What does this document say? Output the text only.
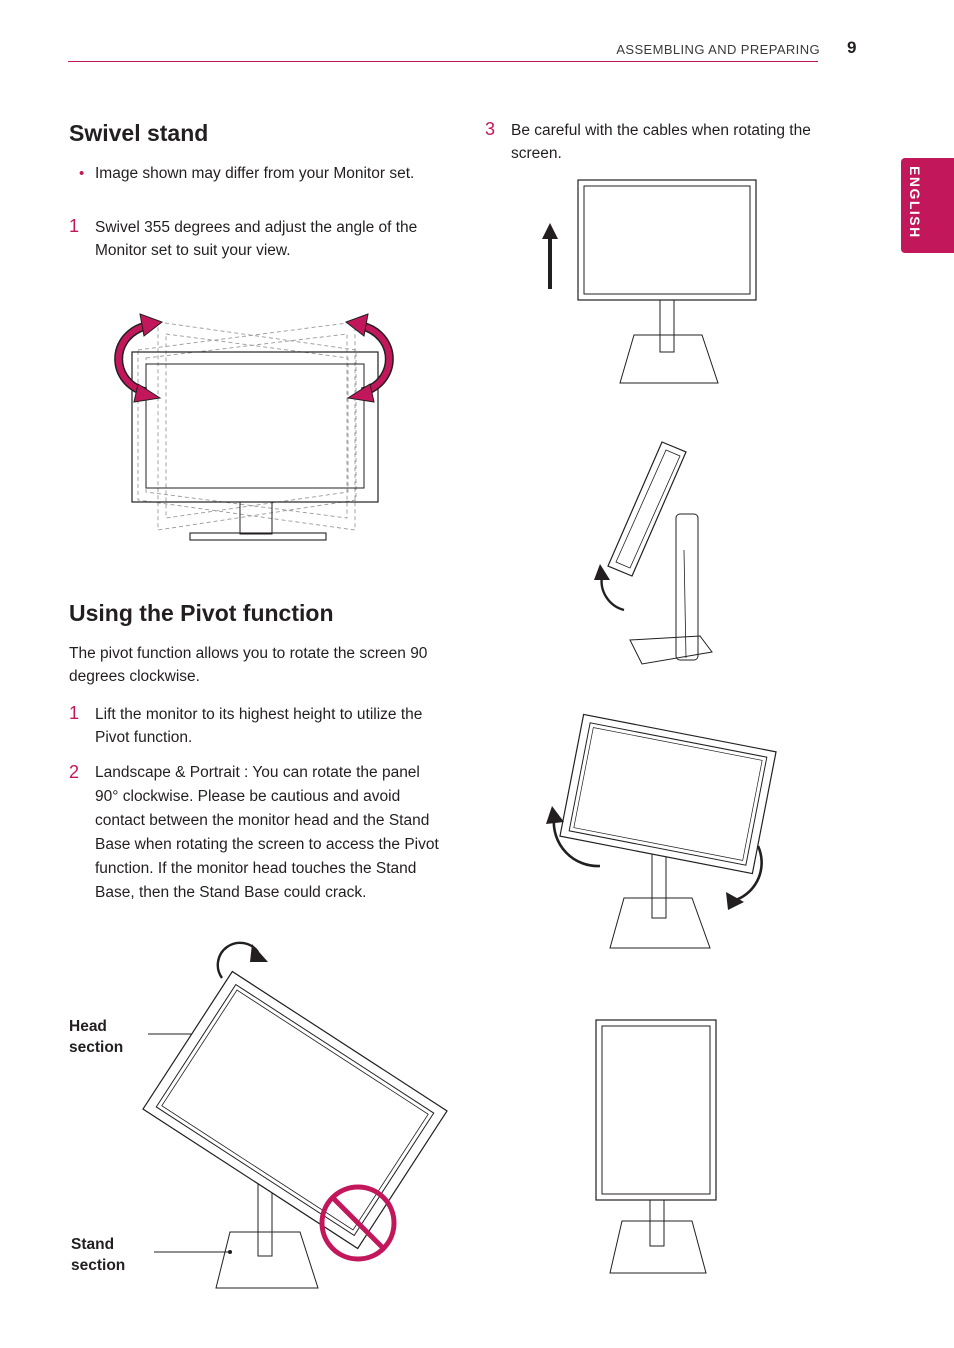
ASSEMBLING AND PREPARING 9
ENGLISH
Swivel stand
• Image shown may differ from your Monitor set.
1 Swivel 355 degrees and adjust the angle of the Monitor set to suit your view.
Using the Pivot function
The pivot function allows you to rotate the screen 90 degrees clockwise.
1 Lift the monitor to its highest height to utilize the Pivot function.
2 Landscape & Portrait : You can rotate the panel 90° clockwise. Please be cautious and avoid contact between the monitor head and the Stand Base when rotating the screen to access the Pivot function. If the monitor head touches the Stand Base, then the Stand Base could crack.
3 Be careful with the cables when rotating the screen.
Head
section
Stand
section
